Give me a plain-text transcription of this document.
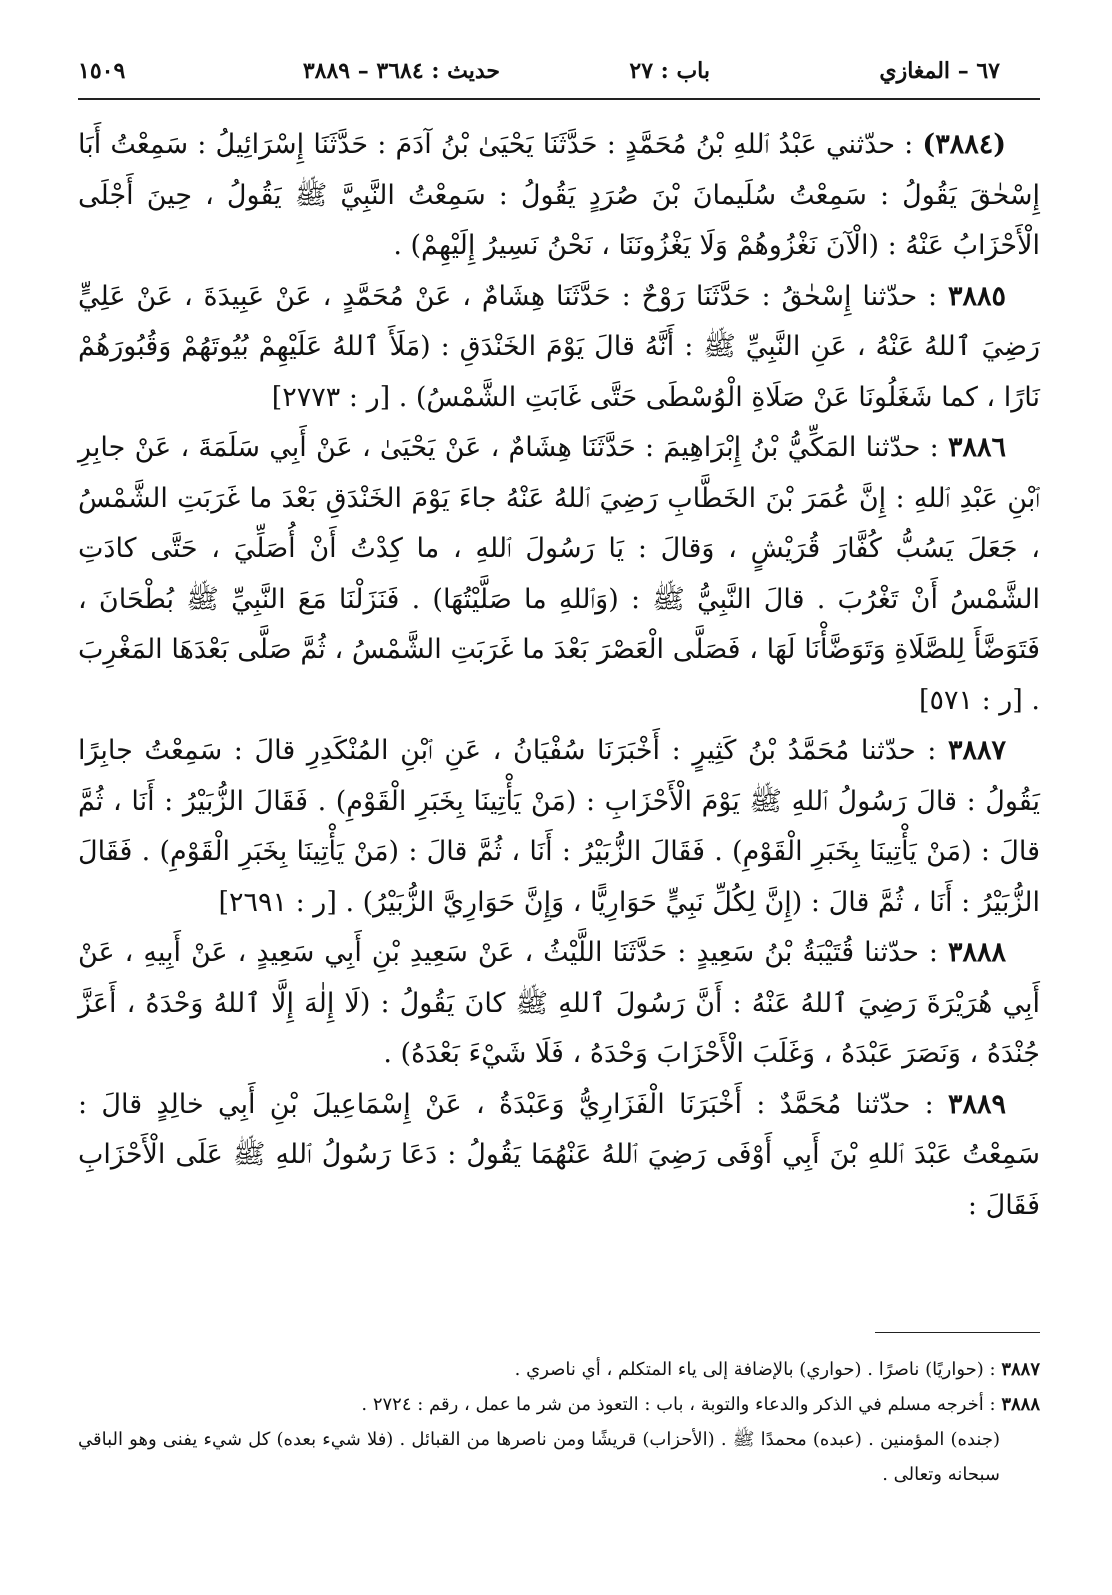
٦٧ – المغازي
باب : ٢٧
حديث : ٣٦٨٤ – ٣٨٨٩
١٥٠٩

(٣٨٨٤) : حدّثني عَبْدُ ٱللهِ بْنُ مُحَمَّدٍ : حَدَّثَنَا يَحْيَىٰ بْنُ آدَمَ : حَدَّثَنَا إِسْرَائِيلُ : سَمِعْتُ أَبَا إِسْحٰقَ يَقُولُ : سَمِعْتُ سُلَيمانَ بْنَ صُرَدٍ يَقُولُ : سَمِعْتُ النَّبِيَّ ﷺ يَقُولُ ، حِينَ أَجْلَى الْأَحْزَابُ عَنْهُ : (الْآنَ نَغْزُوهُمْ وَلَا يَغْزُونَنَا ، نَحْنُ نَسِيرُ إِلَيْهِمْ) .

٣٨٨٥ : حدّثنا إِسْحٰقُ : حَدَّثَنَا رَوْحٌ : حَدَّثَنَا هِشَامٌ ، عَنْ مُحَمَّدٍ ، عَنْ عَبِيدَةَ ، عَنْ عَلِيٍّ رَضِيَ ٱللهُ عَنْهُ ، عَنِ النَّبِيِّ ﷺ : أَنَّهُ قالَ يَوْمَ الخَنْدَقِ : (مَلَأَ ٱللهُ عَلَيْهِمْ بُيُوتَهُمْ وَقُبُورَهُمْ نَارًا ، كما شَغَلُونَا عَنْ صَلَاةِ الْوُسْطَى حَتَّى غَابَتِ الشَّمْسُ) . [ر : ٢٧٧٣]

٣٨٨٦ : حدّثنا المَكِّيُّ بْنُ إِبْرَاهِيمَ : حَدَّثَنَا هِشَامٌ ، عَنْ يَحْيَىٰ ، عَنْ أَبِي سَلَمَةَ ، عَنْ جابِرِ ٱبْنِ عَبْدِ ٱللهِ : إِنَّ عُمَرَ بْنَ الخَطَّابِ رَضِيَ ٱللهُ عَنْهُ جاءَ يَوْمَ الخَنْدَقِ بَعْدَ ما غَرَبَتِ الشَّمْسُ ، جَعَلَ يَسُبُّ كُفَّارَ قُرَيْشٍ ، وَقالَ : يَا رَسُولَ ٱللهِ ، ما كِدْتُ أَنْ أُصَلِّيَ ، حَتَّى كادَتِ الشَّمْسُ أَنْ تَغْرُبَ . قالَ النَّبِيُّ ﷺ : (وَٱللهِ ما صَلَّيْتُهَا) . فَنَزَلْنَا مَعَ النَّبِيِّ ﷺ بُطْحَانَ ، فَتَوَضَّأَ لِلصَّلَاةِ وَتَوَضَّأْنَا لَهَا ، فَصَلَّى الْعَصْرَ بَعْدَ ما غَرَبَتِ الشَّمْسُ ، ثُمَّ صَلَّى بَعْدَهَا المَغْرِبَ . [ر : ٥٧١]

٣٨٨٧ : حدّثنا مُحَمَّدُ بْنُ كَثِيرٍ : أَخْبَرَنَا سُفْيَانُ ، عَنِ ٱبْنِ المُنْكَدِرِ قالَ : سَمِعْتُ جابِرًا يَقُولُ : قالَ رَسُولُ ٱللهِ ﷺ يَوْمَ الْأَحْزَابِ : (مَنْ يَأْتِينَا بِخَبَرِ الْقَوْمِ) . فَقَالَ الزُّبَيْرُ : أَنَا ، ثُمَّ قالَ : (مَنْ يَأْتِينَا بِخَبَرِ الْقَوْمِ) . فَقَالَ الزُّبَيْرُ : أَنَا ، ثُمَّ قالَ : (مَنْ يَأْتِينَا بِخَبَرِ الْقَوْمِ) . فَقَالَ الزُّبَيْرُ : أَنَا ، ثُمَّ قالَ : (إِنَّ لِكُلِّ نَبِيٍّ حَوَارِيًّا ، وَإِنَّ حَوَارِيَّ الزُّبَيْرُ) . [ر : ٢٦٩١]

٣٨٨٨ : حدّثنا قُتَيْبَةُ بْنُ سَعِيدٍ : حَدَّثَنَا اللَّيْثُ ، عَنْ سَعِيدِ بْنِ أَبِي سَعِيدٍ ، عَنْ أَبِيهِ ، عَنْ أَبِي هُرَيْرَةَ رَضِيَ ٱللهُ عَنْهُ : أَنَّ رَسُولَ ٱللهِ ﷺ كانَ يَقُولُ : (لَا إِلٰهَ إِلَّا ٱللهُ وَحْدَهُ ، أَعَزَّ جُنْدَهُ ، وَنَصَرَ عَبْدَهُ ، وَغَلَبَ الْأَحْزَابَ وَحْدَهُ ، فَلَا شَيْءَ بَعْدَهُ) .

٣٨٨٩ : حدّثنا مُحَمَّدٌ : أَخْبَرَنَا الْفَزَارِيُّ وَعَبْدَةُ ، عَنْ إِسْمَاعِيلَ بْنِ أَبِي خالِدٍ قالَ : سَمِعْتُ عَبْدَ ٱللهِ بْنَ أَبِي أَوْفَى رَضِيَ ٱللهُ عَنْهُمَا يَقُولُ : دَعَا رَسُولُ ٱللهِ ﷺ عَلَى الْأَحْزَابِ فَقَالَ :

٣٨٨٧ : (حواريًا) ناصرًا . (حواري) بالإضافة إلى ياء المتكلم ، أي ناصري .

٣٨٨٨ : أخرجه مسلم في الذكر والدعاء والتوبة ، باب : التعوذ من شر ما عمل ، رقم : ٢٧٢٤ .

(جنده) المؤمنين . (عبده) محمدًا ﷺ . (الأحزاب) قريشًا ومن ناصرها من القبائل . (فلا شيء بعده) كل شيء يفنى وهو الباقي سبحانه وتعالى .
